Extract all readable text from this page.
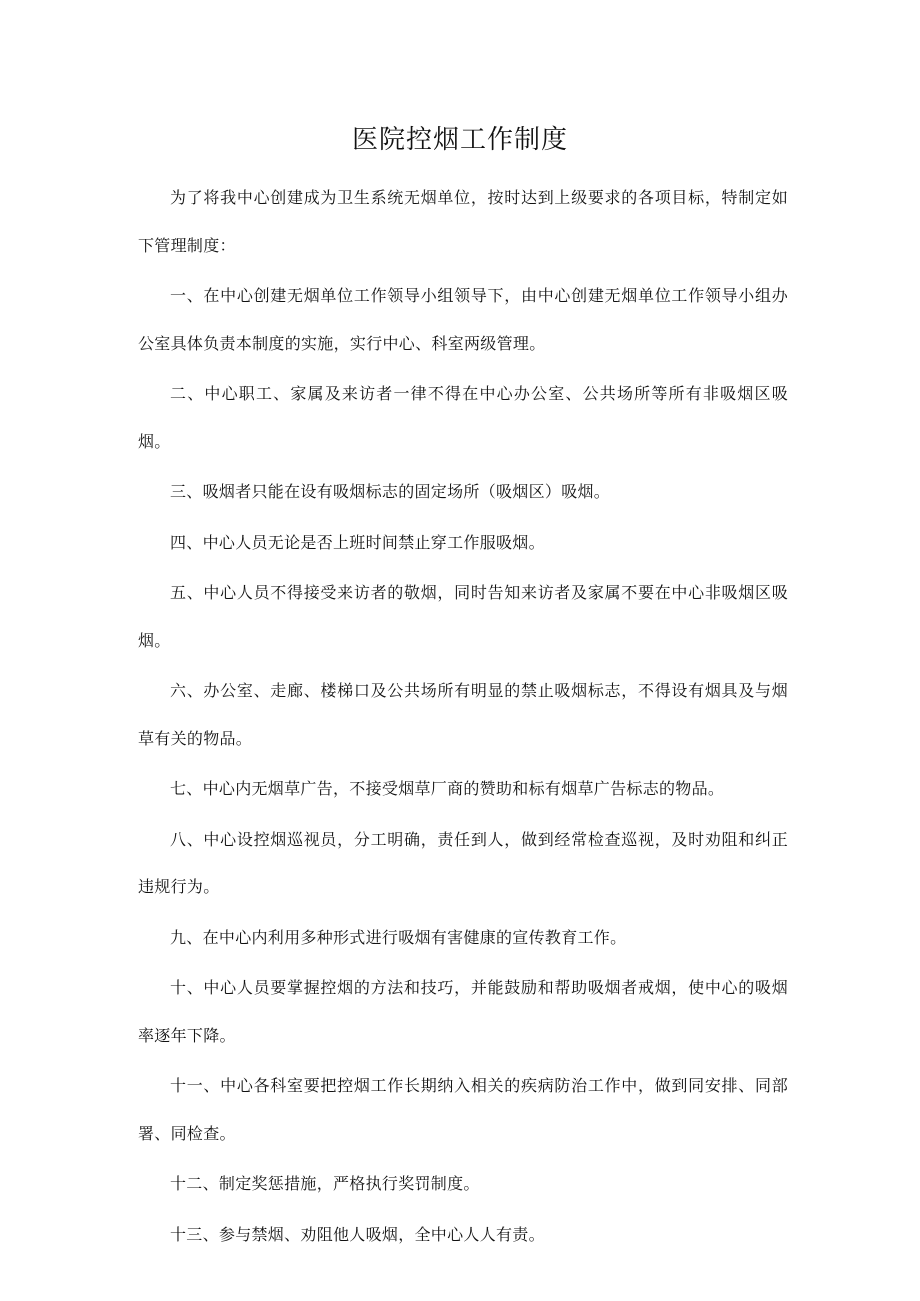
医院控烟工作制度

为了将我中心创建成为卫生系统无烟单位，按时达到上级要求的各项目标，特制定如下管理制度：

一、在中心创建无烟单位工作领导小组领导下，由中心创建无烟单位工作领导小组办公室具体负责本制度的实施，实行中心、科室两级管理。

二、中心职工、家属及来访者一律不得在中心办公室、公共场所等所有非吸烟区吸烟。

三、吸烟者只能在设有吸烟标志的固定场所（吸烟区）吸烟。

四、中心人员无论是否上班时间禁止穿工作服吸烟。

五、中心人员不得接受来访者的敬烟，同时告知来访者及家属不要在中心非吸烟区吸烟。

六、办公室、走廊、楼梯口及公共场所有明显的禁止吸烟标志，不得设有烟具及与烟草有关的物品。

七、中心内无烟草广告，不接受烟草厂商的赞助和标有烟草广告标志的物品。

八、中心设控烟巡视员，分工明确，责任到人，做到经常检查巡视，及时劝阻和纠正违规行为。

九、在中心内利用多种形式进行吸烟有害健康的宣传教育工作。

十、中心人员要掌握控烟的方法和技巧，并能鼓励和帮助吸烟者戒烟，使中心的吸烟率逐年下降。

十一、中心各科室要把控烟工作长期纳入相关的疾病防治工作中，做到同安排、同部署、同检查。

十二、制定奖惩措施，严格执行奖罚制度。

十三、参与禁烟、劝阻他人吸烟，全中心人人有责。
